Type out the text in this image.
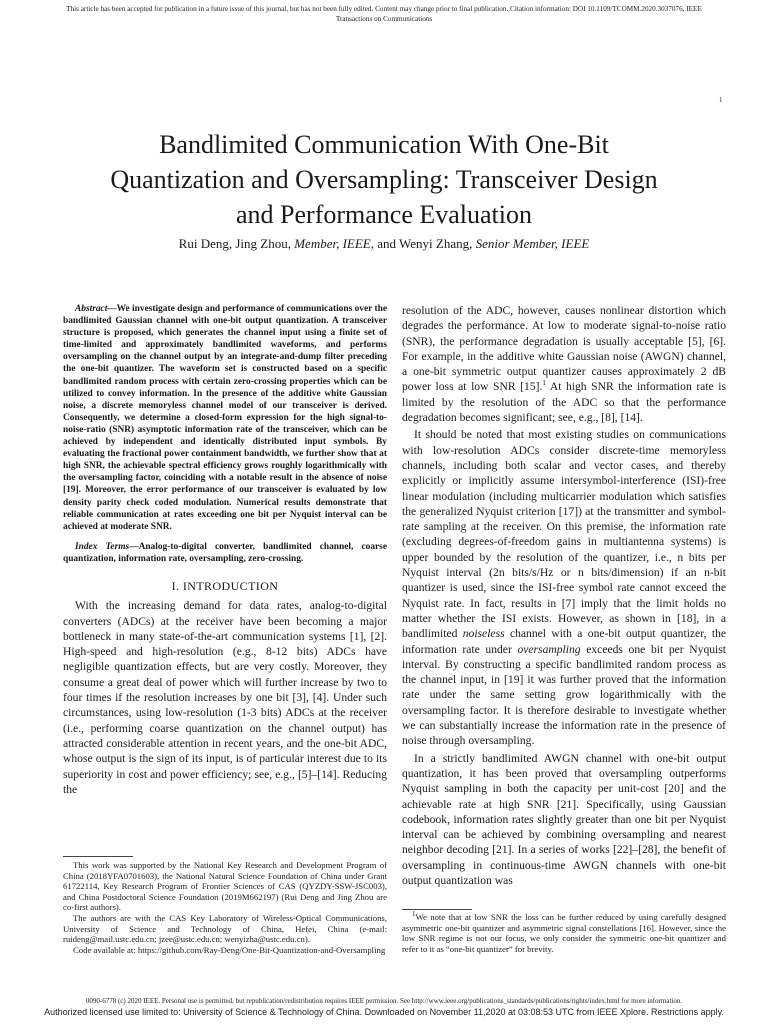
This article has been accepted for publication in a future issue of this journal, but has not been fully edited. Content may change prior to final publication. Citation information: DOI 10.1109/TCOMM.2020.3037076, IEEE
Transactions on Communications
1
Bandlimited Communication With One-Bit
Quantization and Oversampling: Transceiver Design
and Performance Evaluation
Rui Deng, Jing Zhou, Member, IEEE, and Wenyi Zhang, Senior Member, IEEE

Abstract—We investigate design and performance of communications over the bandlimited Gaussian channel with one-bit output quantization. A transceiver structure is proposed, which generates the channel input using a finite set of time-limited and approximately bandlimited waveforms, and performs oversampling on the channel output by an integrate-and-dump filter preceding the one-bit quantizer. The waveform set is constructed based on a specific bandlimited random process with certain zero-crossing properties which can be utilized to convey information. In the presence of the additive white Gaussian noise, a discrete memoryless channel model of our transceiver is derived. Consequently, we determine a closed-form expression for the high signal-to-noise-ratio (SNR) asymptotic information rate of the transceiver, which can be achieved by independent and identically distributed input symbols. By evaluating the fractional power containment bandwidth, we further show that at high SNR, the achievable spectral efficiency grows roughly logarithmically with the oversampling factor, coinciding with a notable result in the absence of noise [19]. Moreover, the error performance of our transceiver is evaluated by low density parity check coded modulation. Numerical results demonstrate that reliable communication at rates exceeding one bit per Nyquist interval can be achieved at moderate SNR.

Index Terms—Analog-to-digital converter, bandlimited channel, coarse quantization, information rate, oversampling, zero-crossing.

I. INTRODUCTION

With the increasing demand for data rates, analog-to-digital converters (ADCs) at the receiver have been becoming a major bottleneck in many state-of-the-art communication systems [1], [2]. High-speed and high-resolution (e.g., 8-12 bits) ADCs have negligible quantization effects, but are very costly. Moreover, they consume a great deal of power which will further increase by two to four times if the resolution increases by one bit [3], [4]. Under such circumstances, using low-resolution (1-3 bits) ADCs at the receiver (i.e., performing coarse quantization on the channel output) has attracted considerable attention in recent years, and the one-bit ADC, whose output is the sign of its input, is of particular interest due to its superiority in cost and power efficiency; see, e.g., [5]–[14]. Reducing the

resolution of the ADC, however, causes nonlinear distortion which degrades the performance. At low to moderate signal-to-noise ratio (SNR), the performance degradation is usually acceptable [5], [6]. For example, in the additive white Gaussian noise (AWGN) channel, a one-bit symmetric output quantizer causes approximately 2 dB power loss at low SNR [15].$^1$ At high SNR the information rate is limited by the resolution of the ADC so that the performance degradation becomes significant; see, e.g., [8], [14].

It should be noted that most existing studies on communications with low-resolution ADCs consider discrete-time memoryless channels, including both scalar and vector cases, and thereby explicitly or implicitly assume intersymbol-interference (ISI)-free linear modulation (including multicarrier modulation which satisfies the generalized Nyquist criterion [17]) at the transmitter and symbol-rate sampling at the receiver. On this premise, the information rate (excluding degrees-of-freedom gains in multiantenna systems) is upper bounded by the resolution of the quantizer, i.e., n bits per Nyquist interval (2n bits/s/Hz or n bits/dimension) if an n-bit quantizer is used, since the ISI-free symbol rate cannot exceed the Nyquist rate. In fact, results in [7] imply that the limit holds no matter whether the ISI exists. However, as shown in [18], in a bandlimited noiseless channel with a one-bit output quantizer, the information rate under oversampling exceeds one bit per Nyquist interval. By constructing a specific bandlimited random process as the channel input, in [19] it was further proved that the information rate under the same setting grow logarithmically with the oversampling factor. It is therefore desirable to investigate whether we can substantially increase the information rate in the presence of noise through oversampling.

In a strictly bandlimited AWGN channel with one-bit output quantization, it has been proved that oversampling outperforms Nyquist sampling in both the capacity per unit-cost [20] and the achievable rate at high SNR [21]. Specifically, using Gaussian codebook, information rates slightly greater than one bit per Nyquist interval can be achieved by combining oversampling and nearest neighbor decoding [21]. In a series of works [22]–[28], the benefit of oversampling in continuous-time AWGN channels with one-bit output quantization was

This work was supported by the National Key Research and Development Program of China (2018YFA0701603), the National Natural Science Foundation of China under Grant 61722114, Key Research Program of Frontier Sciences of CAS (QYZDY-SSW-JSC003), and China Postdoctoral Science Foundation (2019M662197) (Rui Deng and Jing Zhou are co-first authors).

The authors are with the CAS Key Laboratory of Wireless-Optical Communications, University of Science and Technology of China, Hefei, China (e-mail: ruideng@mail.ustc.edu.cn; jzee@ustc.edu.cn; wenyizha@ustc.edu.cn).

Code available at: https://github.com/Ray-Deng/One-Bit-Quantization-and-Oversampling

$^1$We note that at low SNR the loss can be further reduced by using carefully designed asymmetric one-bit quantizer and asymmetric signal constellations [16]. However, since the low SNR regime is not our focus, we only consider the symmetric one-bit quantizer and refer to it as “one-bit quantizer” for brevity.

0090-6778 (c) 2020 IEEE. Personal use is permitted, but republication/redistribution requires IEEE permission. See http://www.ieee.org/publications_standards/publications/rights/index.html for more information.
Authorized licensed use limited to: University of Science & Technology of China. Downloaded on November 11,2020 at 03:08:53 UTC from IEEE Xplore. Restrictions apply.
